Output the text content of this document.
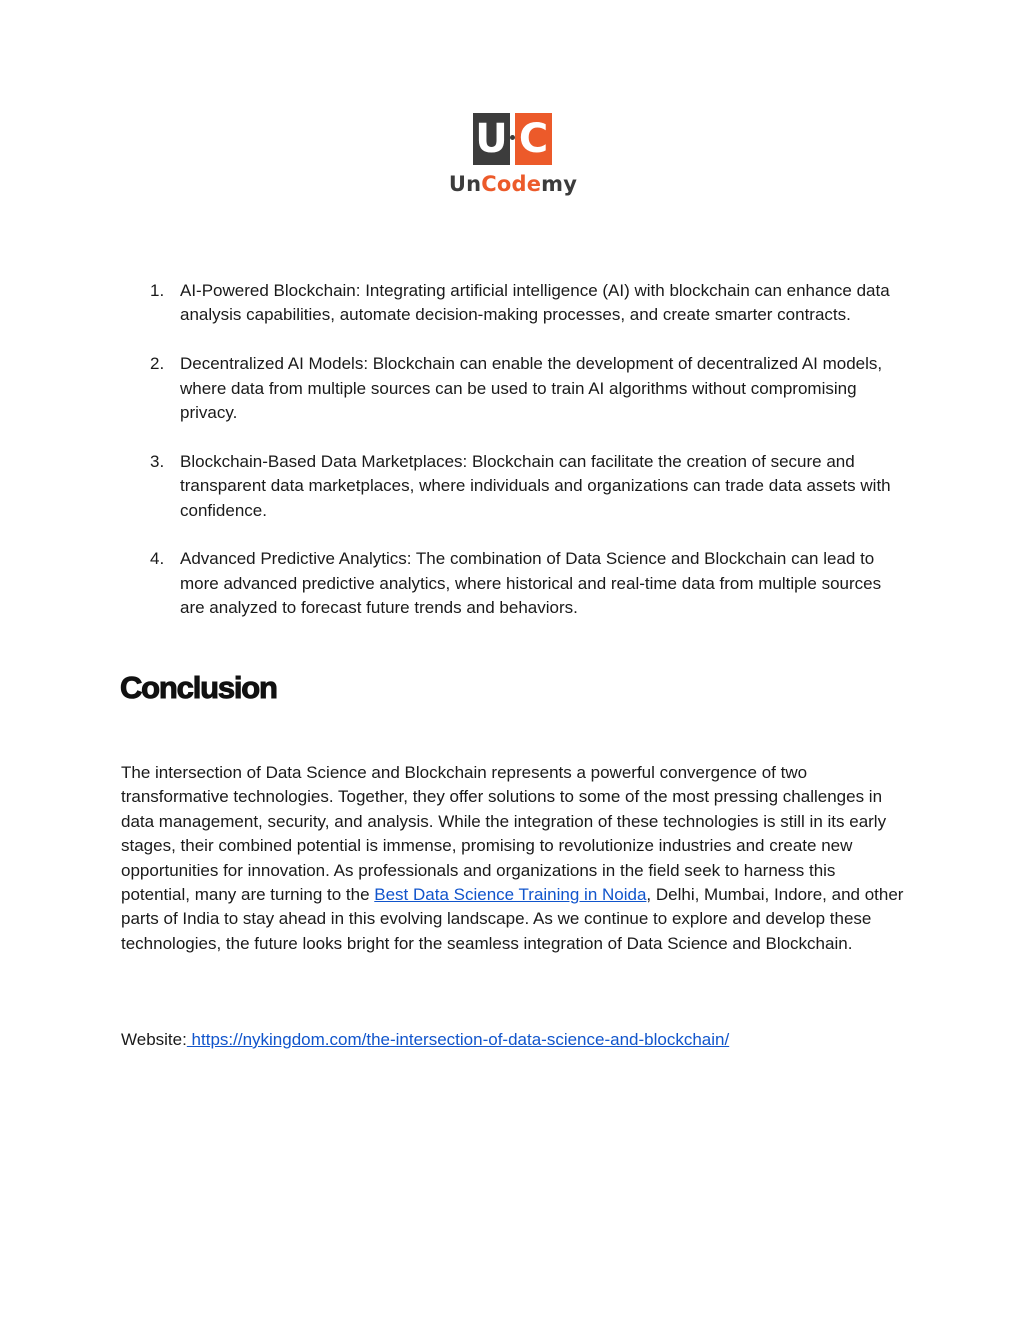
U C
UnCodemy
1. AI-Powered Blockchain: Integrating artificial intelligence (AI) with blockchain can enhance data analysis capabilities, automate decision-making processes, and create smarter contracts.
2. Decentralized AI Models: Blockchain can enable the development of decentralized AI models, where data from multiple sources can be used to train AI algorithms without compromising privacy.
3. Blockchain-Based Data Marketplaces: Blockchain can facilitate the creation of secure and transparent data marketplaces, where individuals and organizations can trade data assets with confidence.
4. Advanced Predictive Analytics: The combination of Data Science and Blockchain can lead to more advanced predictive analytics, where historical and real-time data from multiple sources are analyzed to forecast future trends and behaviors.
Conclusion

The intersection of Data Science and Blockchain represents a powerful convergence of two transformative technologies. Together, they offer solutions to some of the most pressing challenges in data management, security, and analysis. While the integration of these technologies is still in its early stages, their combined potential is immense, promising to revolutionize industries and create new opportunities for innovation. As professionals and organizations in the field seek to harness this potential, many are turning to the Best Data Science Training in Noida, Delhi, Mumbai, Indore, and other parts of India to stay ahead in this evolving landscape. As we continue to explore and develop these technologies, the future looks bright for the seamless integration of Data Science and Blockchain.

Website: https://nykingdom.com/the-intersection-of-data-science-and-blockchain/
